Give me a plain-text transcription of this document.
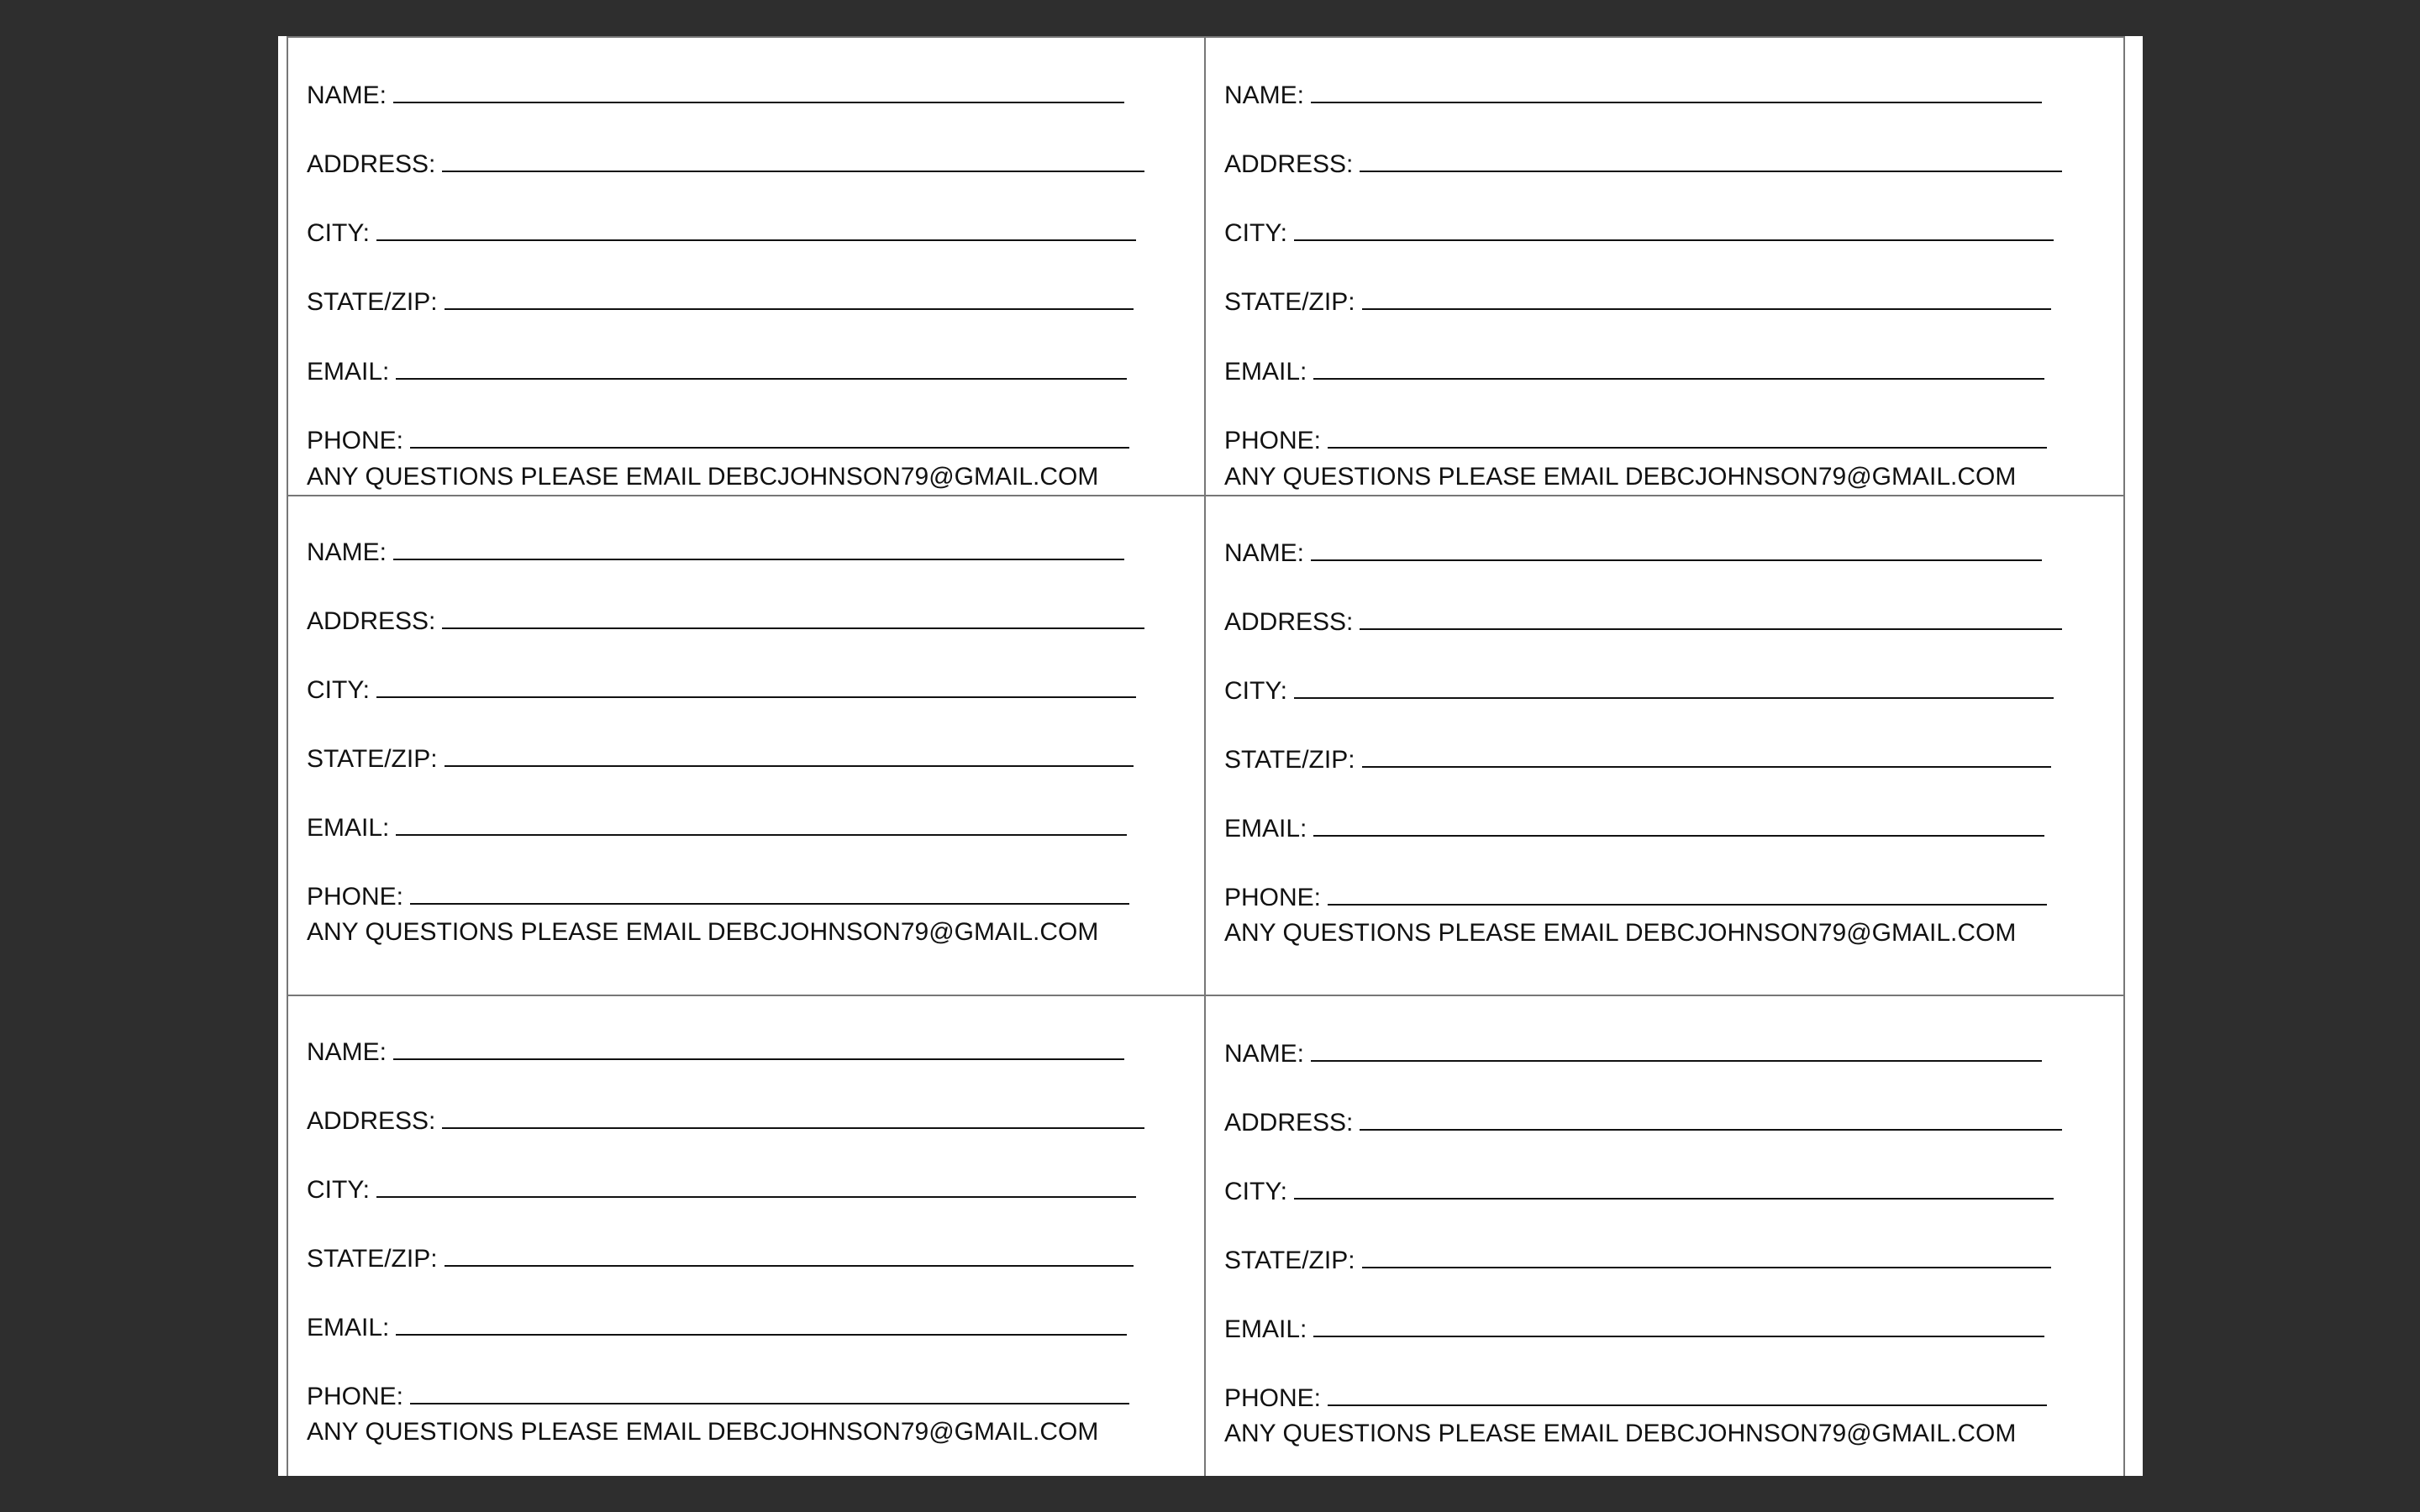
NAME:
ADDRESS:
CITY:
STATE/ZIP:
EMAIL:
PHONE:
ANY QUESTIONS PLEASE EMAIL DEBCJOHNSON79@GMAIL.COM
NAME:
ADDRESS:
CITY:
STATE/ZIP:
EMAIL:
PHONE:
ANY QUESTIONS PLEASE EMAIL DEBCJOHNSON79@GMAIL.COM
NAME:
ADDRESS:
CITY:
STATE/ZIP:
EMAIL:
PHONE:
ANY QUESTIONS PLEASE EMAIL DEBCJOHNSON79@GMAIL.COM
NAME:
ADDRESS:
CITY:
STATE/ZIP:
EMAIL:
PHONE:
ANY QUESTIONS PLEASE EMAIL DEBCJOHNSON79@GMAIL.COM
NAME:
ADDRESS:
CITY:
STATE/ZIP:
EMAIL:
PHONE:
ANY QUESTIONS PLEASE EMAIL DEBCJOHNSON79@GMAIL.COM
NAME:
ADDRESS:
CITY:
STATE/ZIP:
EMAIL:
PHONE:
ANY QUESTIONS PLEASE EMAIL DEBCJOHNSON79@GMAIL.COM
